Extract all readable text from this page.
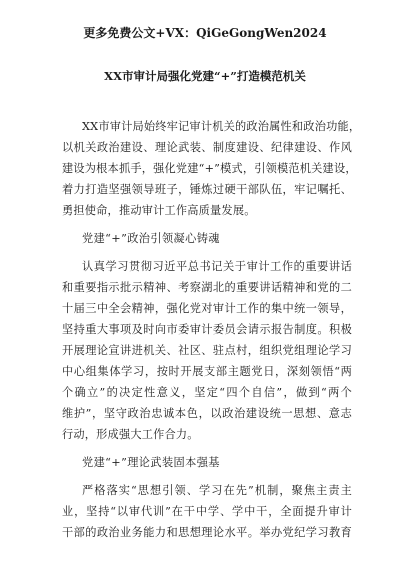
更多免费公文+VX：QiGeGongWen2024
XX市审计局强化党建“+”打造模范机关
XX市审计局始终牢记审计机关的政治属性和政治功能，
以机关政治建设、理论武装、制度建设、纪律建设、作风
建设为根本抓手，强化党建“+”模式，引领模范机关建设，
着力打造坚强领导班子，锤炼过硬干部队伍，牢记嘱托、
勇担使命，推动审计工作高质量发展。
党建“+”政治引领凝心铸魂
认真学习贯彻习近平总书记关于审计工作的重要讲话
和重要指示批示精神、考察湖北的重要讲话精神和党的二
十届三中全会精神，强化党对审计工作的集中统一领导，
坚持重大事项及时向市委审计委员会请示报告制度。积极
开展理论宣讲进机关、社区、驻点村，组织党组理论学习
中心组集体学习，按时开展支部主题党日，深刻领悟“两
个确立”的决定性意义，坚定“四个自信”，做到“两个
维护”，坚守政治忠诚本色，以政治建设统一思想、意志
行动，形成强大工作合力。
党建“+”理论武装固本强基
严格落实“思想引领、学习在先”机制，聚焦主责主
业，坚持“以审代训”在干中学、学中干，全面提升审计
干部的政治业务能力和思想理论水平。举办党纪学习教育
